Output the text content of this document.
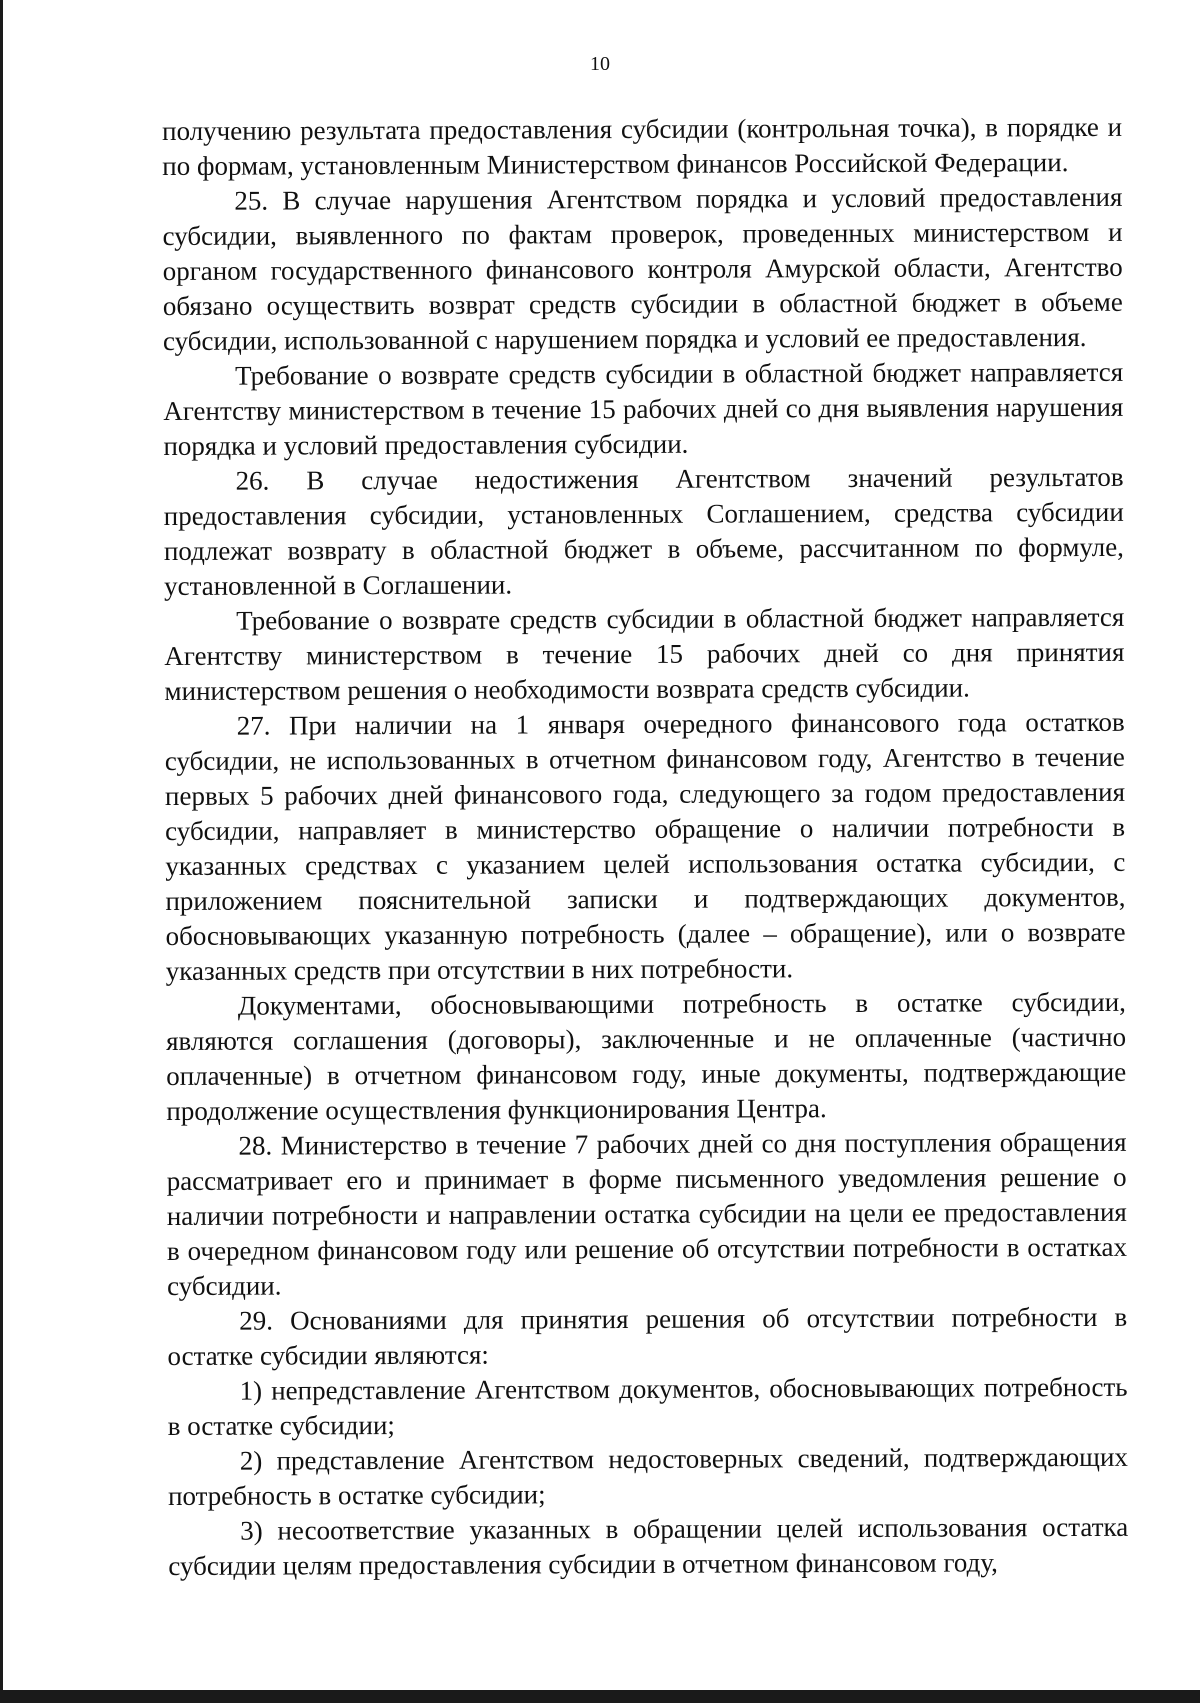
10

получению результата предоставления субсидии (контрольная точка), в порядке и по формам, установленным Министерством финансов Российской Федерации.

25. В случае нарушения Агентством порядка и условий предоставления субсидии, выявленного по фактам проверок, проведенных министерством и органом государственного финансового контроля Амурской области, Агентство обязано осуществить возврат средств субсидии в областной бюджет в объеме субсидии, использованной с нарушением порядка и условий ее предоставления.

Требование о возврате средств субсидии в областной бюджет направляется Агентству министерством в течение 15 рабочих дней со дня выявления нарушения порядка и условий предоставления субсидии.

26. В случае недостижения Агентством значений результатов предоставления субсидии, установленных Соглашением, средства субсидии подлежат возврату в областной бюджет в объеме, рассчитанном по формуле, установленной в Соглашении.

Требование о возврате средств субсидии в областной бюджет направляется Агентству министерством в течение 15 рабочих дней со дня принятия министерством решения о необходимости возврата средств субсидии.

27. При наличии на 1 января очередного финансового года остатков субсидии, не использованных в отчетном финансовом году, Агентство в течение первых 5 рабочих дней финансового года, следующего за годом предоставления субсидии, направляет в министерство обращение о наличии потребности в указанных средствах с указанием целей использования остатка субсидии, с приложением пояснительной записки и подтверждающих документов, обосновывающих указанную потребность (далее – обращение), или о возврате указанных средств при отсутствии в них потребности.

Документами, обосновывающими потребность в остатке субсидии, являются соглашения (договоры), заключенные и не оплаченные (частично оплаченные) в отчетном финансовом году, иные документы, подтверждающие продолжение осуществления функционирования Центра.

28. Министерство в течение 7 рабочих дней со дня поступления обращения рассматривает его и принимает в форме письменного уведомления решение о наличии потребности и направлении остатка субсидии на цели ее предоставления в очередном финансовом году или решение об отсутствии потребности в остатках субсидии.

29. Основаниями для принятия решения об отсутствии потребности в остатке субсидии являются:

1) непредставление Агентством документов, обосновывающих потребность в остатке субсидии;

2) представление Агентством недостоверных сведений, подтверждающих потребность в остатке субсидии;

3) несоответствие указанных в обращении целей использования остатка субсидии целям предоставления субсидии в отчетном финансовом году,
